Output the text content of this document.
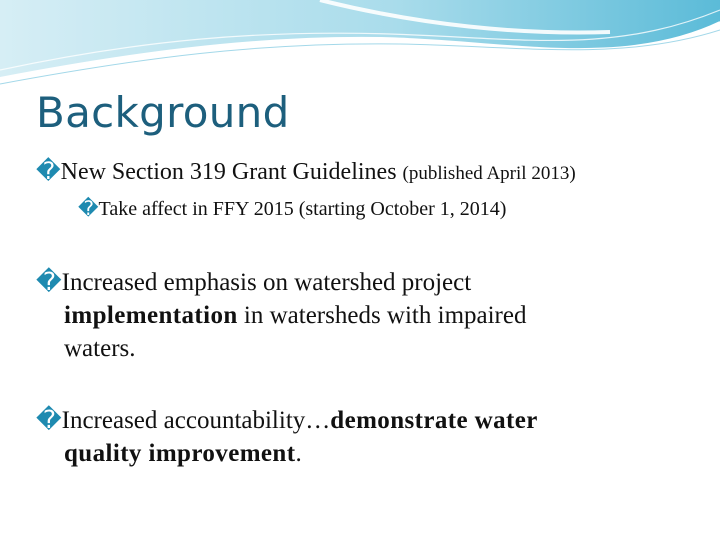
Background
�New Section 319 Grant Guidelines (published April 2013)
�Take affect in FFY 2015 (starting October 1, 2014)
�Increased emphasis on watershed project
implementation in watersheds with impaired
waters.
�Increased accountability…demonstrate water
quality improvement.
